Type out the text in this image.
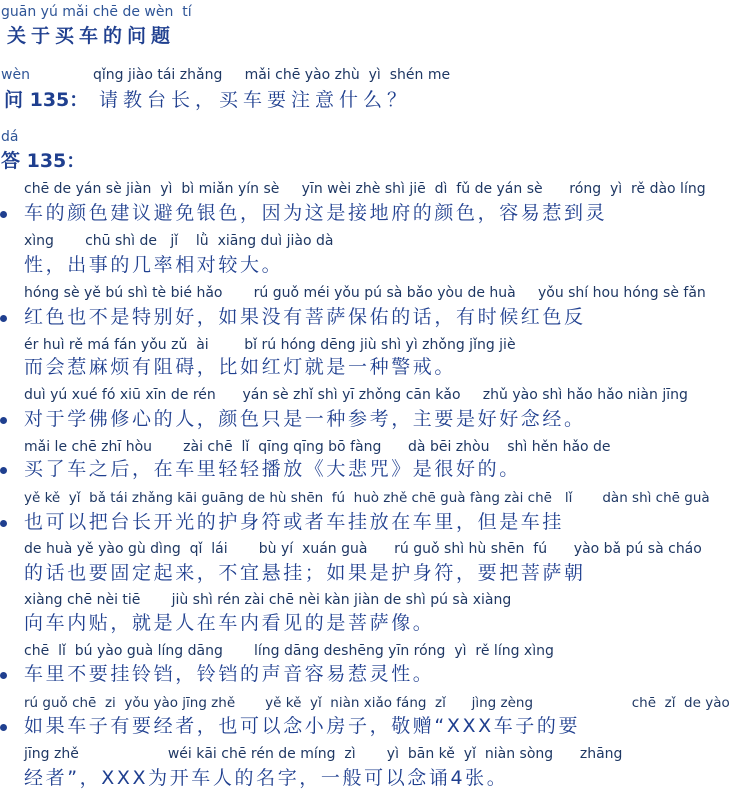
guān yú mǎi chē de wèn  tí
关于买车的问题
wèn	qǐng jiào tái zhǎng     mǎi chē yào zhù  yì  shén me
问 135： 请教台长，买车要注意什么？
dá
答 135：
chē de yán sè jiàn  yì  bì miǎn yín sè     yīn wèi zhè shì jiē  dì  fǔ de yán sè      róng  yì  rě dào líng
车的颜色建议避免银色，因为这是接地府的颜色，容易惹到灵
xìng       chū shì de   jǐ    lǜ  xiāng duì jiào dà
性，出事的几率相对较大。
hóng sè yě bú shì tè bié hǎo       rú guǒ méi yǒu pú sà bǎo yòu de huà     yǒu shí hou hóng sè fǎn
红色也不是特别好，如果没有菩萨保佑的话，有时候红色反
ér huì rě má fán yǒu zǔ  ài        bǐ rú hóng dēng jiù shì yì zhǒng jǐng jiè
而会惹麻烦有阻碍，比如红灯就是一种警戒。
duì yú xué fó xiū xīn de rén      yán sè zhǐ shì yī zhǒng cān kǎo     zhǔ yào shì hǎo hǎo niàn jīng
对于学佛修心的人，颜色只是一种参考，主要是好好念经。
mǎi le chē zhī hòu       zài chē  lǐ  qīng qīng bō fàng      dà bēi zhòu    shì hěn hǎo de
买了车之后，在车里轻轻播放《大悲咒》是很好的。
yě kě  yǐ  bǎ tái zhǎng kāi guāng de hù shēn  fú  huò zhě chē guà fàng zài chē   lǐ       dàn shì chē guà
也可以把台长开光的护身符或者车挂放在车里，但是车挂
de huà yě yào gù dìng  qǐ  lái       bù yí  xuán guà      rú guǒ shì hù shēn  fú      yào bǎ pú sà cháo
的话也要固定起来，不宜悬挂；如果是护身符，要把菩萨朝
xiàng chē nèi tiē       jiù shì rén zài chē nèi kàn jiàn de shì pú sà xiàng
向车内贴，就是人在车内看见的是菩萨像。
chē  lǐ  bú yào guà líng dāng       líng dāng deshēng yīn róng  yì  rě líng xìng
车里不要挂铃铛，铃铛的声音容易惹灵性。
rú guǒ chē  zi  yǒu yào jīng zhě       yě kě  yǐ  niàn xiǎo fáng  zǐ      jìng zèng                       chē  zǐ  de yào
如果车子有要经者，也可以念小房子，敬赠“XXX车子的要
jīng zhě                    wéi kāi chē rén de míng  zì       yì  bān kě  yǐ  niàn sòng      zhāng
经者”，XXX为开车人的名字，一般可以念诵4张。
